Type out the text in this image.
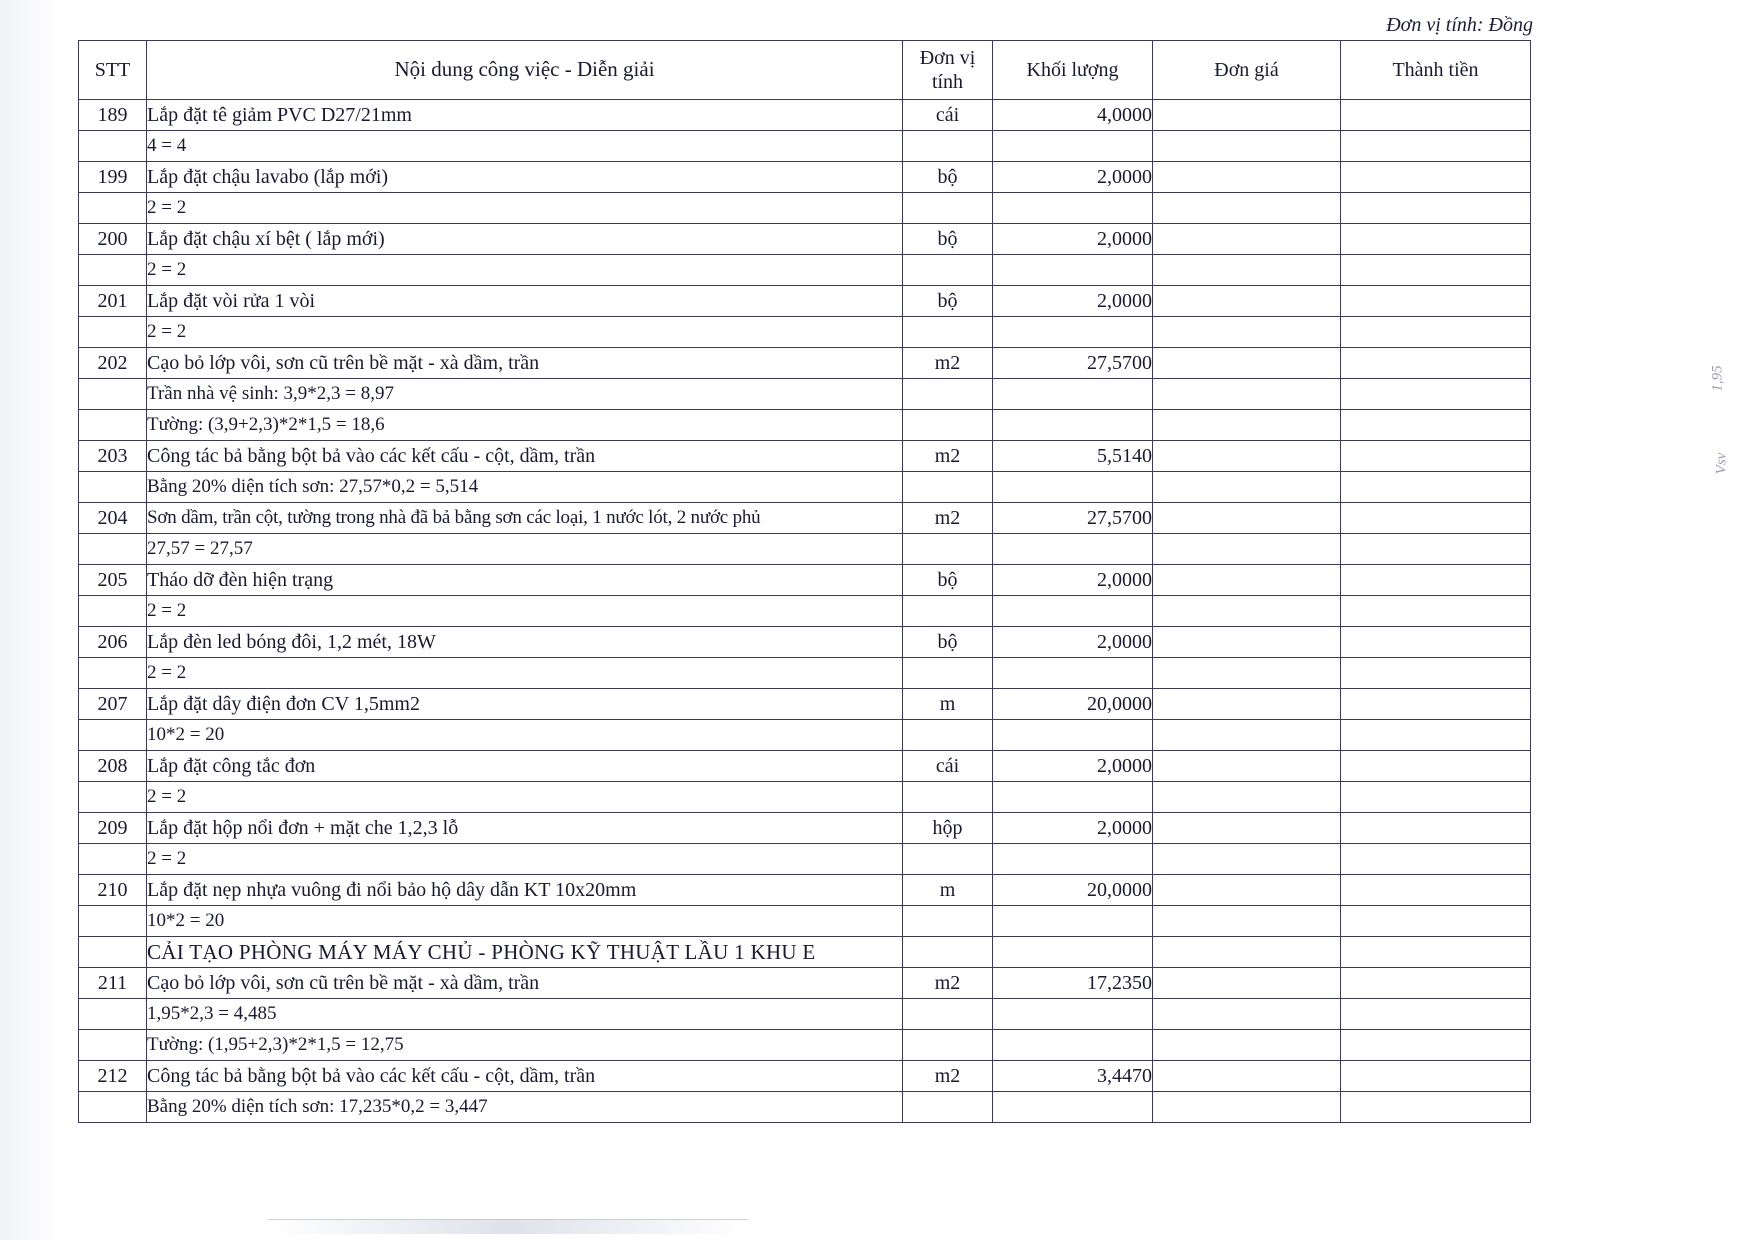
Đơn vị tính: Đồng
STT	Nội dung công việc - Diễn giải	Đơn vị tính	Khối lượng	Đơn giá	Thành tiền
189	Lắp đặt tê giảm PVC D27/21mm	cái	4,0000		
	4 = 4				
199	Lắp đặt chậu lavabo (lắp mới)	bộ	2,0000		
	2 = 2				
200	Lắp đặt chậu xí bệt ( lắp mới)	bộ	2,0000		
	2 = 2				
201	Lắp đặt vòi rửa 1 vòi	bộ	2,0000		
	2 = 2				
202	Cạo bỏ lớp vôi, sơn cũ trên bề mặt - xà dầm, trần	m2	27,5700		
	Trần nhà vệ sinh: 3,9*2,3 = 8,97				
	Tường: (3,9+2,3)*2*1,5 = 18,6				
203	Công tác bả bằng bột bả vào các kết cấu - cột, dầm, trần	m2	5,5140		
	Bằng 20% diện tích sơn: 27,57*0,2 = 5,514				
204	Sơn dầm, trần cột, tường trong nhà đã bả bằng sơn các loại, 1 nước lót, 2 nước phủ	m2	27,5700		
	27,57 = 27,57				
205	Tháo dỡ đèn hiện trạng	bộ	2,0000		
	2 = 2				
206	Lắp đèn led bóng đôi, 1,2 mét, 18W	bộ	2,0000		
	2 = 2				
207	Lắp đặt dây điện đơn CV 1,5mm2	m	20,0000		
	10*2 = 20				
208	Lắp đặt công tắc đơn	cái	2,0000		
	2 = 2				
209	Lắp đặt hộp nổi đơn + mặt che 1,2,3 lỗ	hộp	2,0000		
	2 = 2				
210	Lắp đặt nẹp nhựa vuông đi nổi bảo hộ dây dẫn KT 10x20mm	m	20,0000		
	10*2 = 20				
	CẢI TẠO PHÒNG MÁY MÁY CHỦ - PHÒNG KỸ THUẬT LẦU 1 KHU E				
211	Cạo bỏ lớp vôi, sơn cũ trên bề mặt - xà dầm, trần	m2	17,2350		
	1,95*2,3 = 4,485				
	Tường: (1,95+2,3)*2*1,5 = 12,75				
212	Công tác bả bằng bột bả vào các kết cấu - cột, dầm, trần	m2	3,4470		
	Bằng 20% diện tích sơn: 17,235*0,2 = 3,447				
1,95
Vsv
